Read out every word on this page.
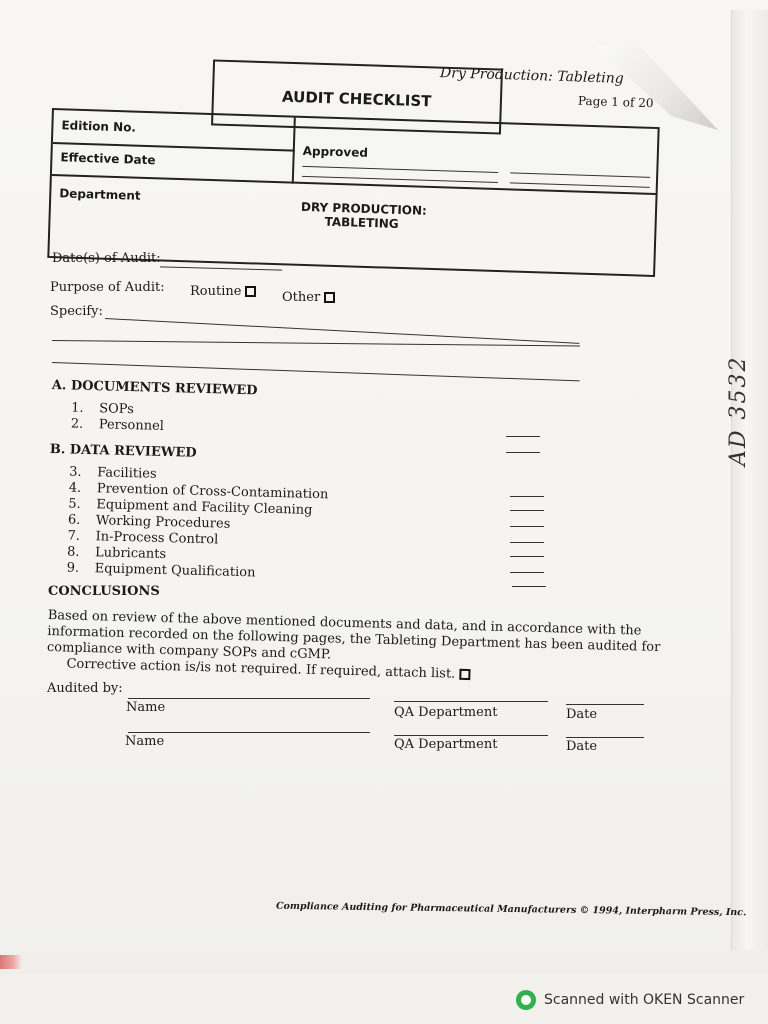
Dry Production: Tableting
Page 1 of 20
AUDIT CHECKLIST
Edition No.
Effective Date
Department
Approved
DRY PRODUCTION:
TABLETING
Date(s) of Audit:
Purpose of Audit: Routine	Other
Specify:
A. DOCUMENTS REVIEWED
1. SOPs
2. Personnel
B. DATA REVIEWED
3. Facilities
4. Prevention of Cross-Contamination
5. Equipment and Facility Cleaning
6. Working Procedures
7. In-Process Control
8. Lubricants
9. Equipment Qualification
CONCLUSIONS
Based on review of the above mentioned documents and data, and in accordance with the information recorded on the following pages, the Tableting Department has been audited for compliance with company SOPs and cGMP.
Corrective action is/is not required. If required, attach list.
Audited by:
Name	QA Department	Date
Name	QA Department	Date
Compliance Auditing for Pharmaceutical Manufacturers © 1994, Interpharm Press, Inc.
AD 3532
Scanned with OKEN Scanner
